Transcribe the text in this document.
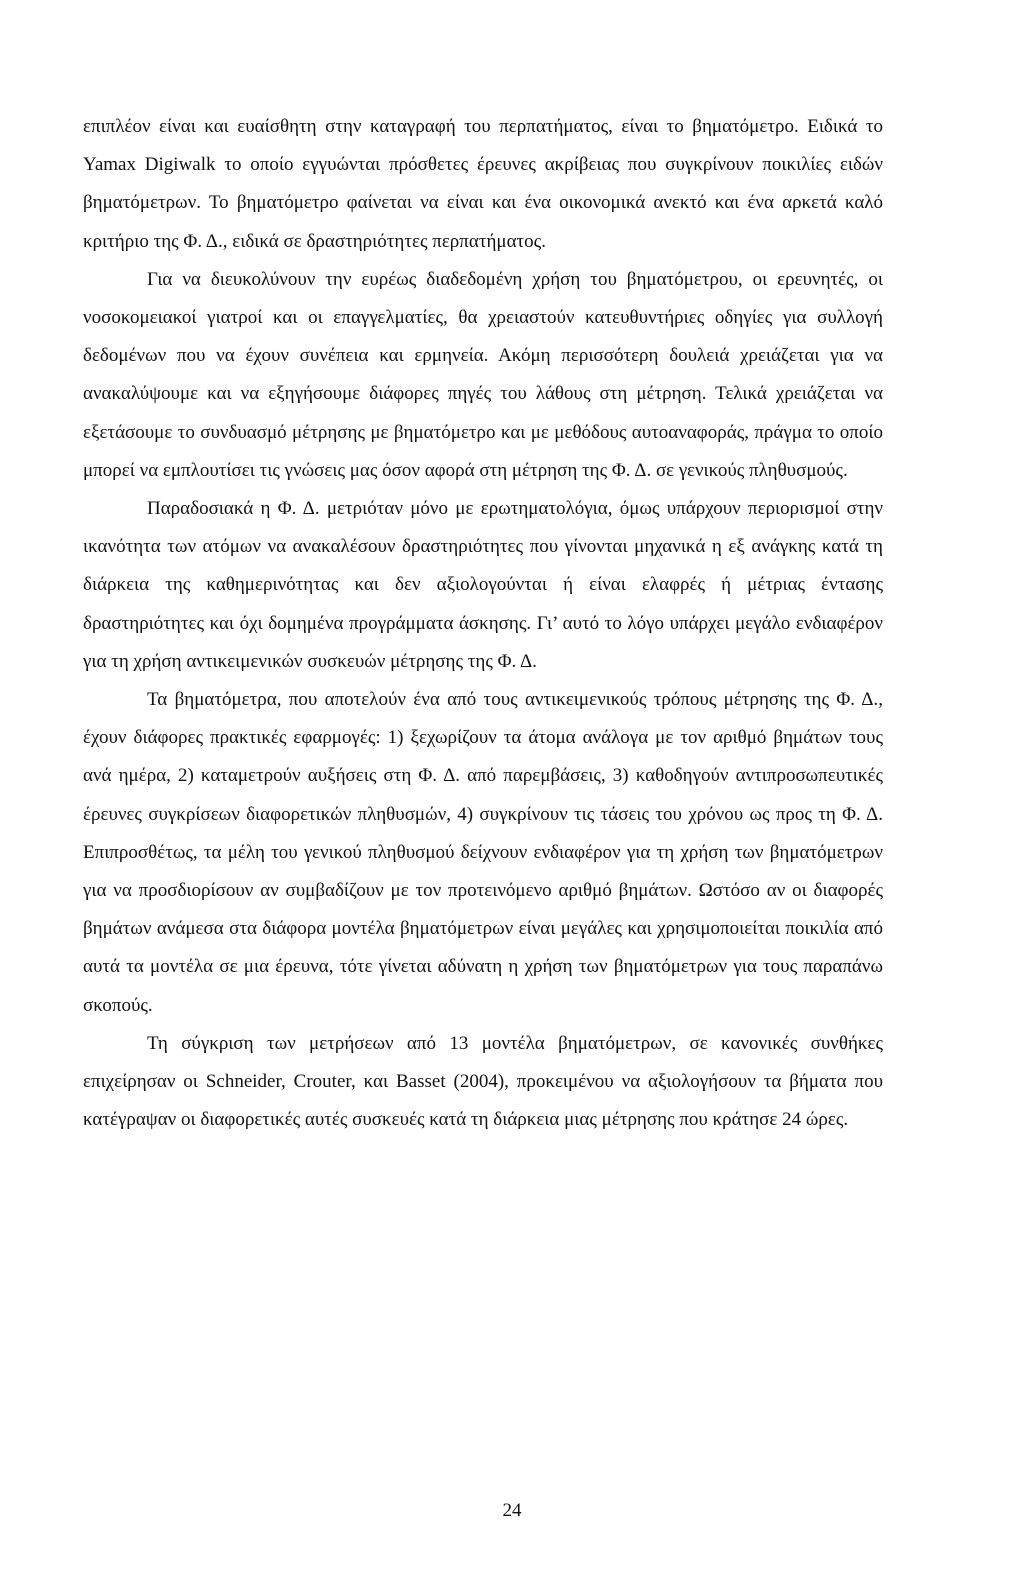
επιπλέον είναι και ευαίσθητη στην καταγραφή του περπατήματος, είναι το βηματόμετρο. Ειδικά το Yamax Digiwalk το οποίο εγγυώνται πρόσθετες έρευνες ακρίβειας που συγκρίνουν ποικιλίες ειδών βηματόμετρων. Το βηματόμετρο φαίνεται να είναι και ένα οικονομικά ανεκτό και ένα αρκετά καλό κριτήριο της Φ. Δ., ειδικά σε δραστηριότητες περπατήματος.

Για να διευκολύνουν την ευρέως διαδεδομένη χρήση του βηματόμετρου, οι ερευνητές, οι νοσοκομειακοί γιατροί και οι επαγγελματίες, θα χρειαστούν κατευθυντήριες οδηγίες για συλλογή δεδομένων που να έχουν συνέπεια και ερμηνεία. Ακόμη περισσότερη δουλειά χρειάζεται για να ανακαλύψουμε και να εξηγήσουμε διάφορες πηγές του λάθους στη μέτρηση. Τελικά χρειάζεται να εξετάσουμε το συνδυασμό μέτρησης με βηματόμετρο και με μεθόδους αυτοαναφοράς, πράγμα το οποίο μπορεί να εμπλουτίσει τις γνώσεις μας όσον αφορά στη μέτρηση της Φ. Δ. σε γενικούς πληθυσμούς.

Παραδοσιακά η Φ. Δ. μετριόταν μόνο με ερωτηματολόγια, όμως υπάρχουν περιορισμοί στην ικανότητα των ατόμων να ανακαλέσουν δραστηριότητες που γίνονται μηχανικά η εξ ανάγκης κατά τη διάρκεια της καθημερινότητας και δεν αξιολογούνται ή είναι ελαφρές ή μέτριας έντασης δραστηριότητες και όχι δομημένα προγράμματα άσκησης. Γι’ αυτό το λόγο υπάρχει μεγάλο ενδιαφέρον για τη χρήση αντικειμενικών συσκευών μέτρησης της Φ. Δ.

Τα βηματόμετρα, που αποτελούν ένα από τους αντικειμενικούς τρόπους μέτρησης της Φ. Δ., έχουν διάφορες πρακτικές εφαρμογές: 1) ξεχωρίζουν τα άτομα ανάλογα με τον αριθμό βημάτων τους ανά ημέρα, 2) καταμετρούν αυξήσεις στη Φ. Δ. από παρεμβάσεις, 3) καθοδηγούν αντιπροσωπευτικές έρευνες συγκρίσεων διαφορετικών πληθυσμών, 4) συγκρίνουν τις τάσεις του χρόνου ως προς τη Φ. Δ. Επιπροσθέτως, τα μέλη του γενικού πληθυσμού δείχνουν ενδιαφέρον για τη χρήση των βηματόμετρων για να προσδιορίσουν αν συμβαδίζουν με τον προτεινόμενο αριθμό βημάτων. Ωστόσο αν οι διαφορές βημάτων ανάμεσα στα διάφορα μοντέλα βηματόμετρων είναι μεγάλες και χρησιμοποιείται ποικιλία από αυτά τα μοντέλα σε μια έρευνα, τότε γίνεται αδύνατη η χρήση των βηματόμετρων για τους παραπάνω σκοπούς.

Τη σύγκριση των μετρήσεων από 13 μοντέλα βηματόμετρων, σε κανονικές συνθήκες επιχείρησαν οι Schneider, Crouter, και Basset (2004), προκειμένου να αξιολογήσουν τα βήματα που κατέγραψαν οι διαφορετικές αυτές συσκευές κατά τη διάρκεια μιας μέτρησης που κράτησε 24 ώρες.

24
